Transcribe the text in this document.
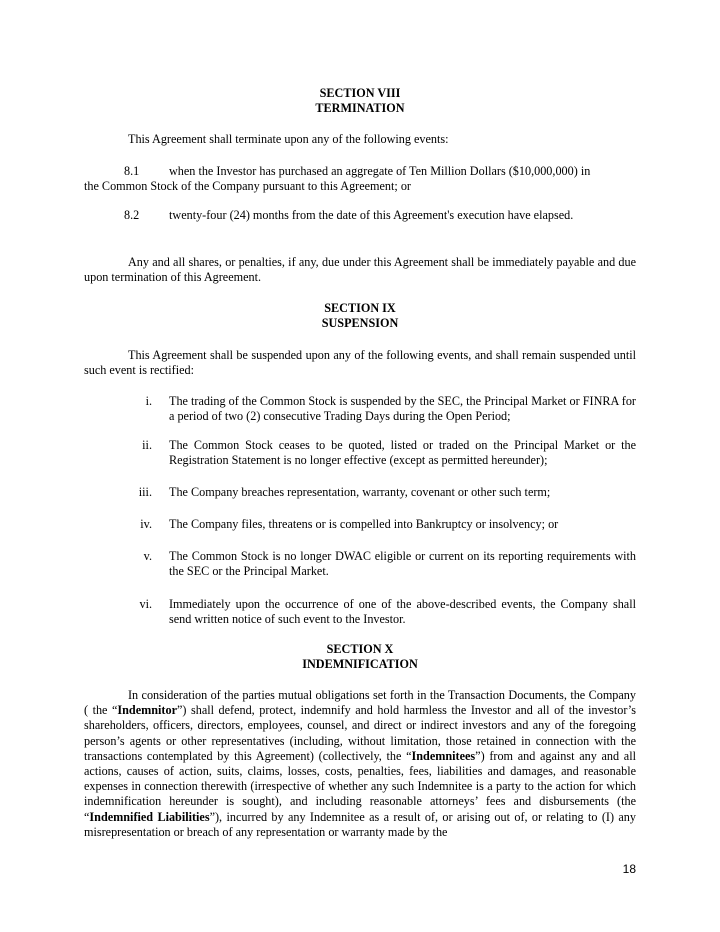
SECTION VIII
TERMINATION
This Agreement shall terminate upon any of the following events:
8.1 when the Investor has purchased an aggregate of Ten Million Dollars ($10,000,000) in
the Common Stock of the Company pursuant to this Agreement; or
8.2 twenty-four (24) months from the date of this Agreement's execution have elapsed.
Any and all shares, or penalties, if any, due under this Agreement shall be immediately payable and due upon termination of this Agreement.
SECTION IX
SUSPENSION
This Agreement shall be suspended upon any of the following events, and shall remain suspended until such event is rectified:
i. The trading of the Common Stock is suspended by the SEC, the Principal Market or FINRA for a period of two (2) consecutive Trading Days during the Open Period;
ii. The Common Stock ceases to be quoted, listed or traded on the Principal Market or the Registration Statement is no longer effective (except as permitted hereunder);
iii. The Company breaches representation, warranty, covenant or other such term;
iv. The Company files, threatens or is compelled into Bankruptcy or insolvency; or
v. The Common Stock is no longer DWAC eligible or current on its reporting requirements with the SEC or the Principal Market.
vi. Immediately upon the occurrence of one of the above-described events, the Company shall send written notice of such event to the Investor.
SECTION X
INDEMNIFICATION
In consideration of the parties mutual obligations set forth in the Transaction Documents, the Company ( the “Indemnitor”) shall defend, protect, indemnify and hold harmless the Investor and all of the investor’s shareholders, officers, directors, employees, counsel, and direct or indirect investors and any of the foregoing person’s agents or other representatives (including, without limitation, those retained in connection with the transactions contemplated by this Agreement) (collectively, the “Indemnitees”) from and against any and all actions, causes of action, suits, claims, losses, costs, penalties, fees, liabilities and damages, and reasonable expenses in connection therewith (irrespective of whether any such Indemnitee is a party to the action for which indemnification hereunder is sought), and including reasonable attorneys’ fees and disbursements (the “Indemnified Liabilities”), incurred by any Indemnitee as a result of, or arising out of, or relating to (I) any misrepresentation or breach of any representation or warranty made by the
18
